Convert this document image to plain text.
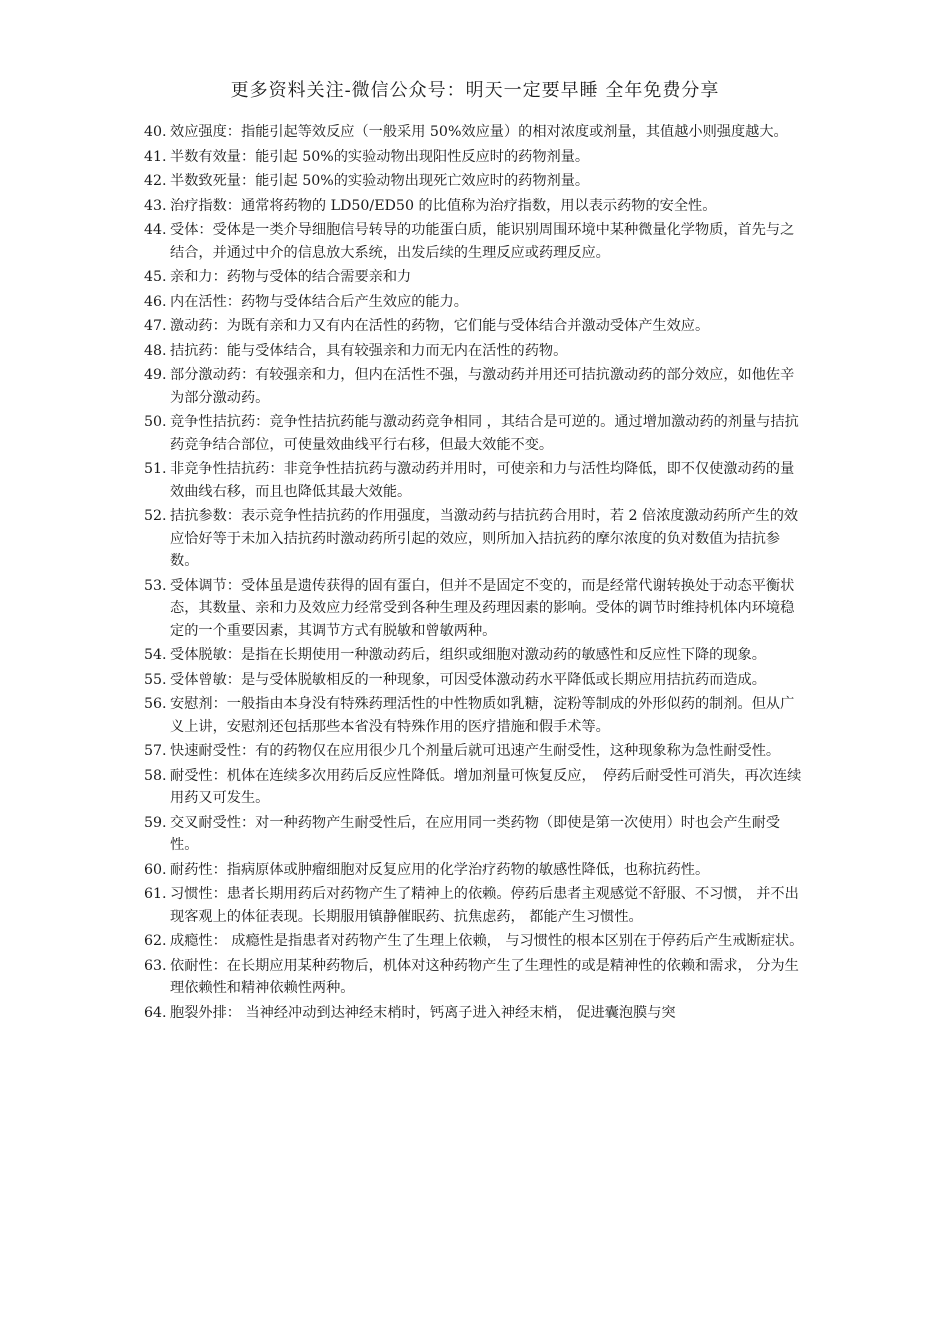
更多资料关注-微信公众号：明天一定要早睡 全年免费分享
40. 效应强度：指能引起等效反应（一般采用 50%效应量）的相对浓度或剂量，其值越小则强度越大。
41. 半数有效量：能引起 50%的实验动物出现阳性反应时的药物剂量。
42. 半数致死量：能引起 50%的实验动物出现死亡效应时的药物剂量。
43. 治疗指数：通常将药物的 LD50/ED50 的比值称为治疗指数，用以表示药物的安全性。
44. 受体：受体是一类介导细胞信号转导的功能蛋白质，能识别周围环境中某种微量化学物质，首先与之结合，并通过中介的信息放大系统，出发后续的生理反应或药理反应。
45. 亲和力：药物与受体的结合需要亲和力
46. 内在活性：药物与受体结合后产生效应的能力。
47. 激动药：为既有亲和力又有内在活性的药物，它们能与受体结合并激动受体产生效应。
48. 拮抗药：能与受体结合，具有较强亲和力而无内在活性的药物。
49. 部分激动药：有较强亲和力，但内在活性不强，与激动药并用还可拮抗激动药的部分效应，如他佐辛为部分激动药。
50. 竞争性拮抗药：竞争性拮抗药能与激动药竞争相同 ，其结合是可逆的。通过增加激动药的剂量与拮抗药竞争结合部位，可使量效曲线平行右移，但最大效能不变。
51. 非竞争性拮抗药：非竞争性拮抗药与激动药并用时，可使亲和力与活性均降低，即不仅使激动药的量效曲线右移，而且也降低其最大效能。
52. 拮抗参数：表示竞争性拮抗药的作用强度，当激动药与拮抗药合用时，若 2 倍浓度激动药所产生的效应恰好等于未加入拮抗药时激动药所引起的效应，则所加入拮抗药的摩尔浓度的负对数值为拮抗参数。
53. 受体调节：受体虽是遗传获得的固有蛋白，但并不是固定不变的，而是经常代谢转换处于动态平衡状态，其数量、亲和力及效应力经常受到各种生理及药理因素的影响。受体的调节时维持机体内环境稳定的一个重要因素，其调节方式有脱敏和曾敏两种。
54. 受体脱敏：是指在长期使用一种激动药后，组织或细胞对激动药的敏感性和反应性下降的现象。
55. 受体曾敏：是与受体脱敏相反的一种现象，可因受体激动药水平降低或长期应用拮抗药而造成。
56. 安慰剂：一般指由本身没有特殊药理活性的中性物质如乳糖，淀粉等制成的外形似药的制剂。但从广义上讲，安慰剂还包括那些本省没有特殊作用的医疗措施和假手术等。
57. 快速耐受性：有的药物仅在应用很少几个剂量后就可迅速产生耐受性，这种现象称为急性耐受性。
58. 耐受性：机体在连续多次用药后反应性降低。增加剂量可恢复反应，　停药后耐受性可消失，再次连续用药又可发生。
59. 交叉耐受性：对一种药物产生耐受性后，在应用同一类药物（即使是第一次使用）时也会产生耐受性。
60. 耐药性：指病原体或肿瘤细胞对反复应用的化学治疗药物的敏感性降低，也称抗药性。
61. 习惯性：患者长期用药后对药物产生了精神上的依赖。停药后患者主观感觉不舒服、不习惯， 并不出现客观上的体征表现。长期服用镇静催眠药、抗焦虑药， 都能产生习惯性。
62. 成瘾性： 成瘾性是指患者对药物产生了生理上依赖， 与习惯性的根本区别在于停药后产生戒断症状。
63. 依耐性：在长期应用某种药物后，机体对这种药物产生了生理性的或是精神性的依赖和需求， 分为生理依赖性和精神依赖性两种。
64. 胞裂外排： 当神经冲动到达神经末梢时，钙离子进入神经末梢， 促进囊泡膜与突
